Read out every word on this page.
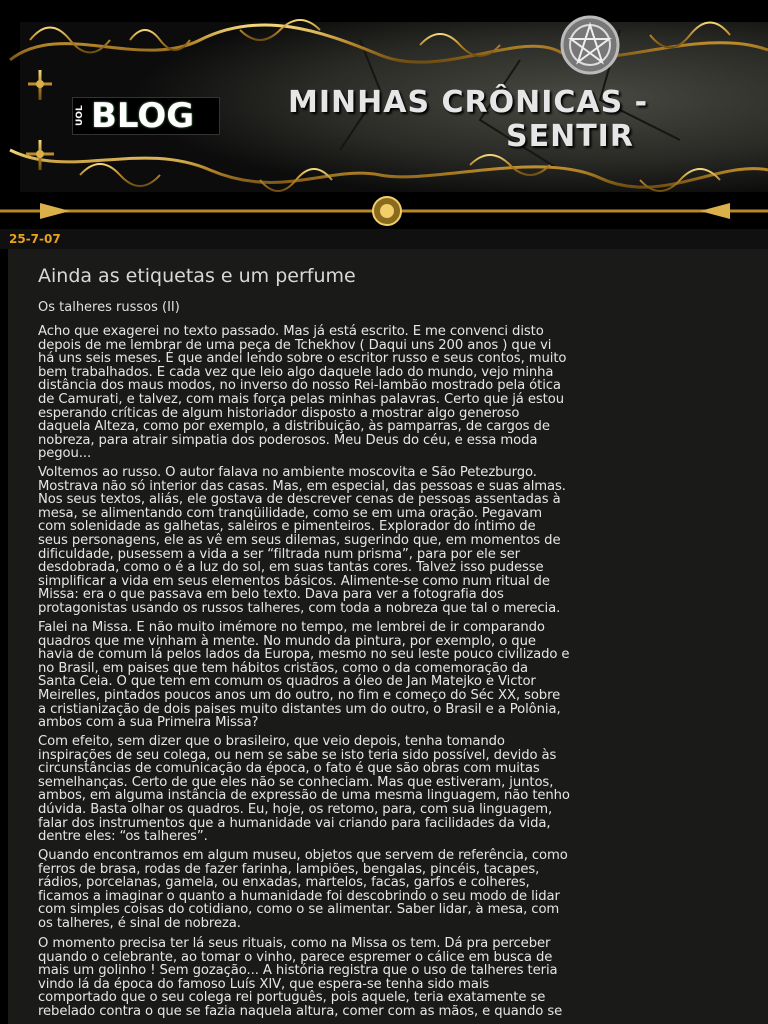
UOL BLOG	MINHAS CRÔNICAS -
SENTIR
25-7-07
Ainda as etiquetas e um perfume
Os talheres russos (II)
Acho que exagerei no texto passado. Mas já está escrito. E me convenci disto
depois de me lembrar de uma peça de Tchekhov ( Daqui uns 200 anos ) que vi
há uns seis meses. É que andei lendo sobre o escritor russo e seus contos, muito
bem trabalhados. E cada vez que leio algo daquele lado do mundo, vejo minha
distância dos maus modos, no inverso do nosso Rei-lambão mostrado pela ótica
de Camurati, e talvez, com mais força pelas minhas palavras. Certo que já estou
esperando críticas de algum historiador disposto a mostrar algo generoso
daquela Alteza, como por exemplo, a distribuição, às pamparras, de cargos de
nobreza, para atrair simpatia dos poderosos. Meu Deus do céu, e essa moda
pegou...
Voltemos ao russo. O autor falava no ambiente moscovita e São Petezburgo.
Mostrava não só interior das casas. Mas, em especial, das pessoas e suas almas.
Nos seus textos, aliás, ele gostava de descrever cenas de pessoas assentadas à
mesa, se alimentando com tranqüilidade, como se em uma oração. Pegavam
com solenidade as galhetas, saleiros e pimenteiros. Explorador do íntimo de
seus personagens, ele as vê em seus dilemas, sugerindo que, em momentos de
dificuldade, pusessem a vida a ser “filtrada num prisma”, para por ele ser
desdobrada, como o é a luz do sol, em suas tantas cores. Talvez isso pudesse
simplificar a vida em seus elementos básicos. Alimente-se como num ritual de
Missa: era o que passava em belo texto. Dava para ver a fotografia dos
protagonistas usando os russos talheres, com toda a nobreza que tal o merecia.
Falei na Missa. E não muito imémore no tempo, me lembrei de ir comparando
quadros que me vinham à mente. No mundo da pintura, por exemplo, o que
havia de comum lá pelos lados da Europa, mesmo no seu leste pouco civilizado e
no Brasil, em paises que tem hábitos cristãos, como o da comemoração da
Santa Ceia. O que tem em comum os quadros a óleo de Jan Matejko e Victor
Meirelles, pintados poucos anos um do outro, no fim e começo do Séc XX, sobre
a cristianização de dois paises muito distantes um do outro, o Brasil e a Polônia,
ambos com a sua Primeira Missa?
Com efeito, sem dizer que o brasileiro, que veio depois, tenha tomando
inspirações de seu colega, ou nem se sabe se isto teria sido possível, devido às
circunstâncias de comunicação da época, o fato é que são obras com muitas
semelhanças. Certo de que eles não se conheciam. Mas que estiveram, juntos,
ambos, em alguma instância de expressão de uma mesma linguagem, não tenho
dúvida. Basta olhar os quadros. Eu, hoje, os retomo, para, com sua linguagem,
falar dos instrumentos que a humanidade vai criando para facilidades da vida,
dentre eles: “os talheres”.
Quando encontramos em algum museu, objetos que servem de referência, como
ferros de brasa, rodas de fazer farinha, lampiões, bengalas, pincéis, tacapes,
rádios, porcelanas, gamela, ou enxadas, martelos, facas, garfos e colheres,
ficamos a imaginar o quanto a humanidade foi descobrindo o seu modo de lidar
com simples coisas do cotidiano, como o se alimentar. Saber lidar, à mesa, com
os talheres, é sinal de nobreza.
O momento precisa ter lá seus rituais, como na Missa os tem. Dá pra perceber
quando o celebrante, ao tomar o vinho, parece espremer o cálice em busca de
mais um golinho ! Sem gozação... A história registra que o uso de talheres teria
vindo lá da época do famoso Luís XIV, que espera-se tenha sido mais
comportado que o seu colega rei português, pois aquele, teria exatamente se
rebelado contra o que se fazia naquela altura, comer com as mãos, e quando se
